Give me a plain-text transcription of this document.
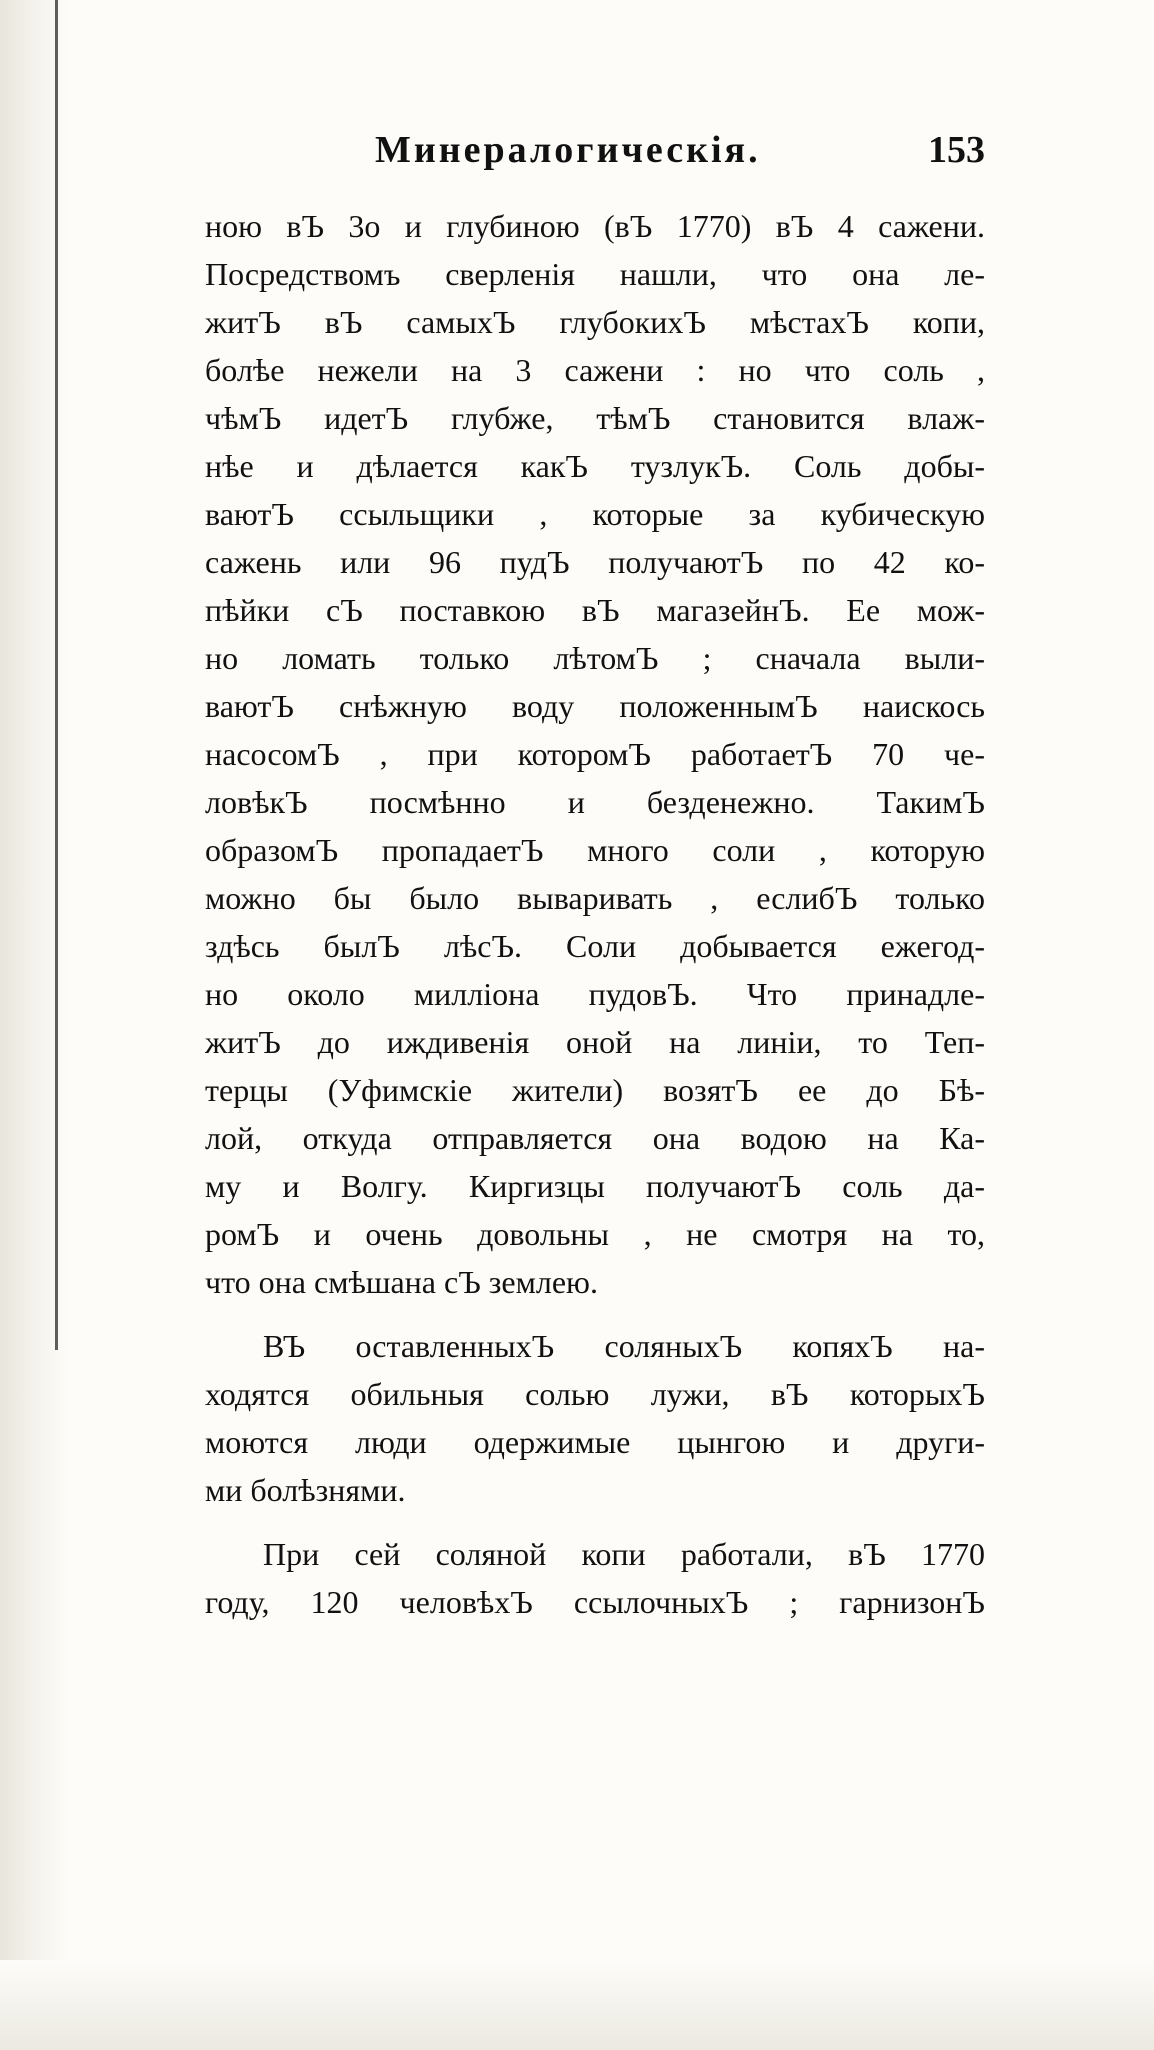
Минералогическiя.	153
ною вЪ 3о и глубиною (вЪ 1770) вЪ 4 сажени.
Посредствомъ сверленiя нашли, что она ле-
житЪ вЪ самыхЪ глубокихЪ мѣстахЪ копи,
болѣе нежели на 3 сажени : но что соль ,
чѣмЪ идетЪ глубже, тѣмЪ становится влаж-
нѣе и дѣлается какЪ тузлукЪ. Соль добы-
ваютЪ ссыльщики , которые за кубическую
сажень или 96 пудЪ получаютЪ по 42 ко-
пѣйки сЪ поставкою вЪ магазейнЪ. Ее мож-
но ломать только лѣтомЪ ; сначала выли-
ваютЪ снѣжную воду положеннымЪ наискось
насосомЪ , при которомЪ работаетЪ 70 че-
ловѣкЪ посмѣнно и безденежно. ТакимЪ
образомЪ пропадаетЪ много соли , которую
можно бы было вываривать , еслибЪ только
здѣсь былЪ лѣсЪ. Соли добывается ежегод-
но около милліона пудовЪ. Что принадле-
житЪ до иждивенiя оной на линiи, то Теп-
терцы (Уфимскiе жители) возятЪ ее до Бѣ-
лой, откуда отправляется она водою на Ка-
му и Волгу. Киргизцы получаютЪ соль да-
ромЪ и очень довольны , не смотря на то,
что она смѣшана сЪ землею.
ВЪ оставленныхЪ соляныхЪ копяхЪ на-
ходятся обильныя солью лужи, вЪ которыхЪ
моются люди одержимые цынгою и други-
ми болѣзнями.
При сей соляной копи работали, вЪ 1770
году, 120 человѣхЪ ссылочныхЪ ; гарнизонЪ
